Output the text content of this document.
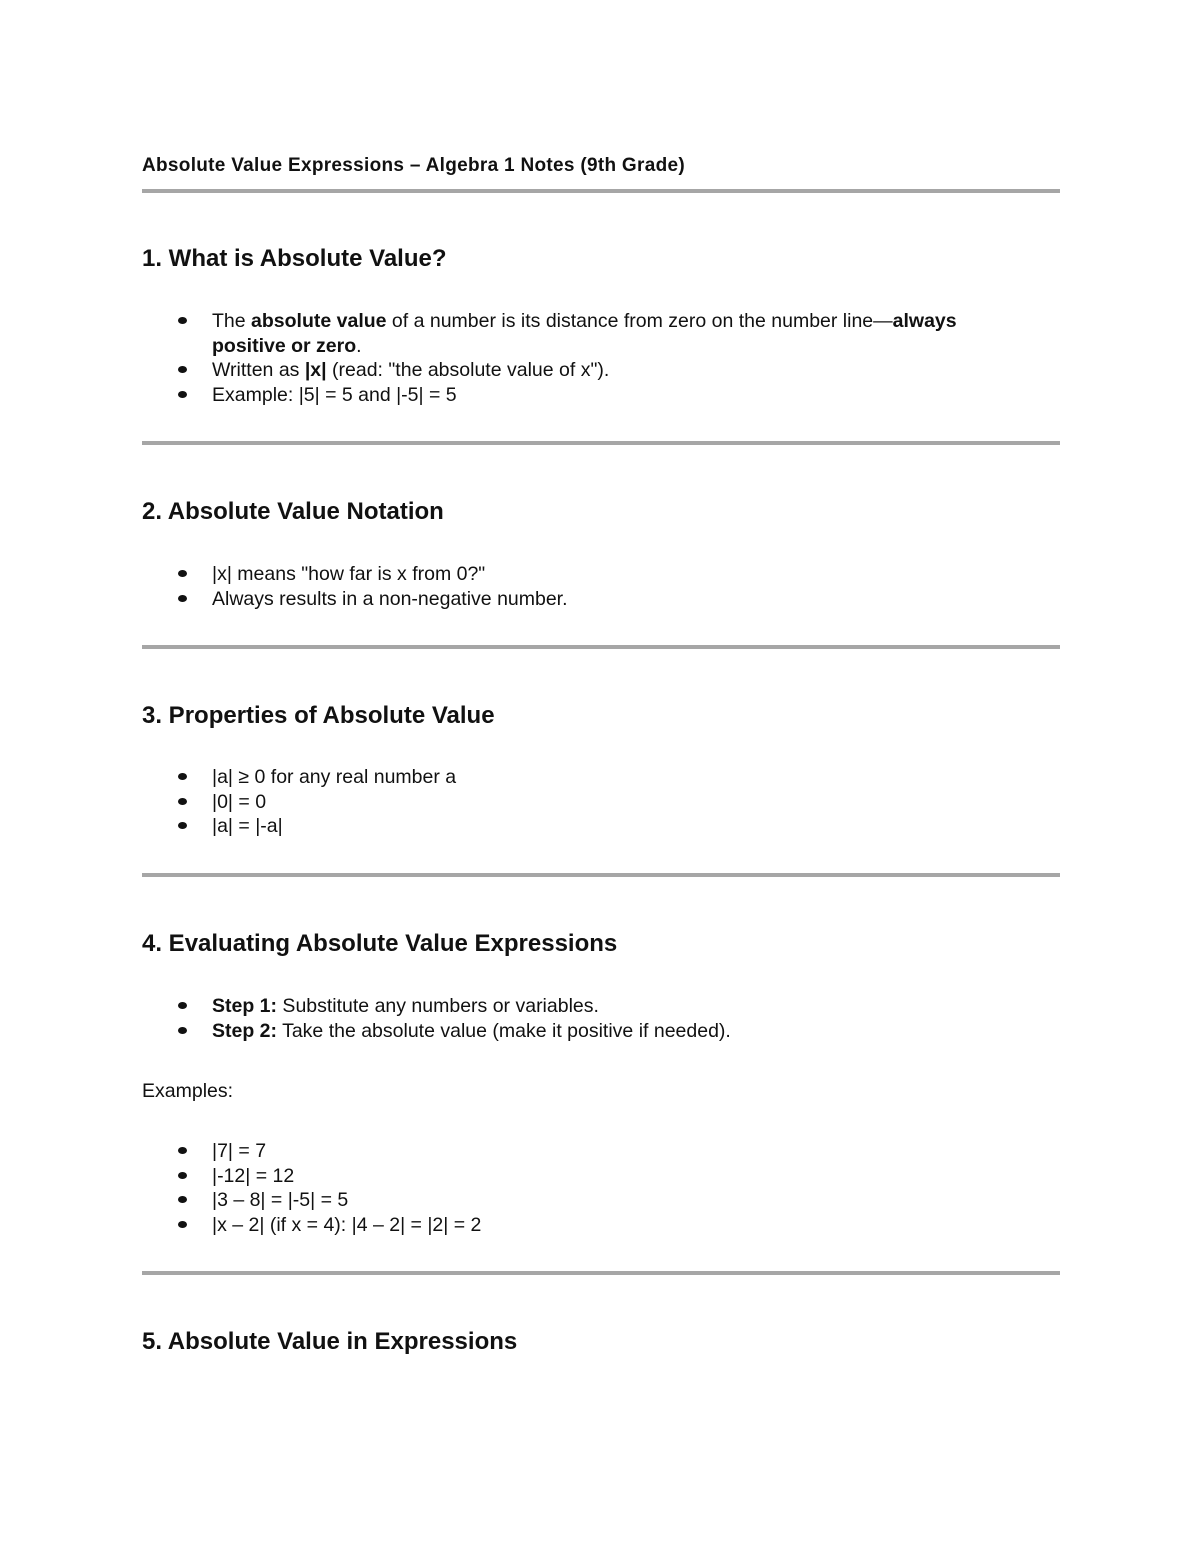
Absolute Value Expressions – Algebra 1 Notes (9th Grade)
1. What is Absolute Value?
The absolute value of a number is its distance from zero on the number line—always
positive or zero.
Written as |x| (read: "the absolute value of x").
Example: |5| = 5 and |-5| = 5
2. Absolute Value Notation
|x| means "how far is x from 0?"
Always results in a non-negative number.
3. Properties of Absolute Value
|a| ≥ 0 for any real number a
|0| = 0
|a| = |-a|
4. Evaluating Absolute Value Expressions
Step 1: Substitute any numbers or variables.
Step 2: Take the absolute value (make it positive if needed).

Examples:

|7| = 7
|-12| = 12
|3 – 8| = |-5| = 5
|x – 2| (if x = 4): |4 – 2| = |2| = 2
5. Absolute Value in Expressions
